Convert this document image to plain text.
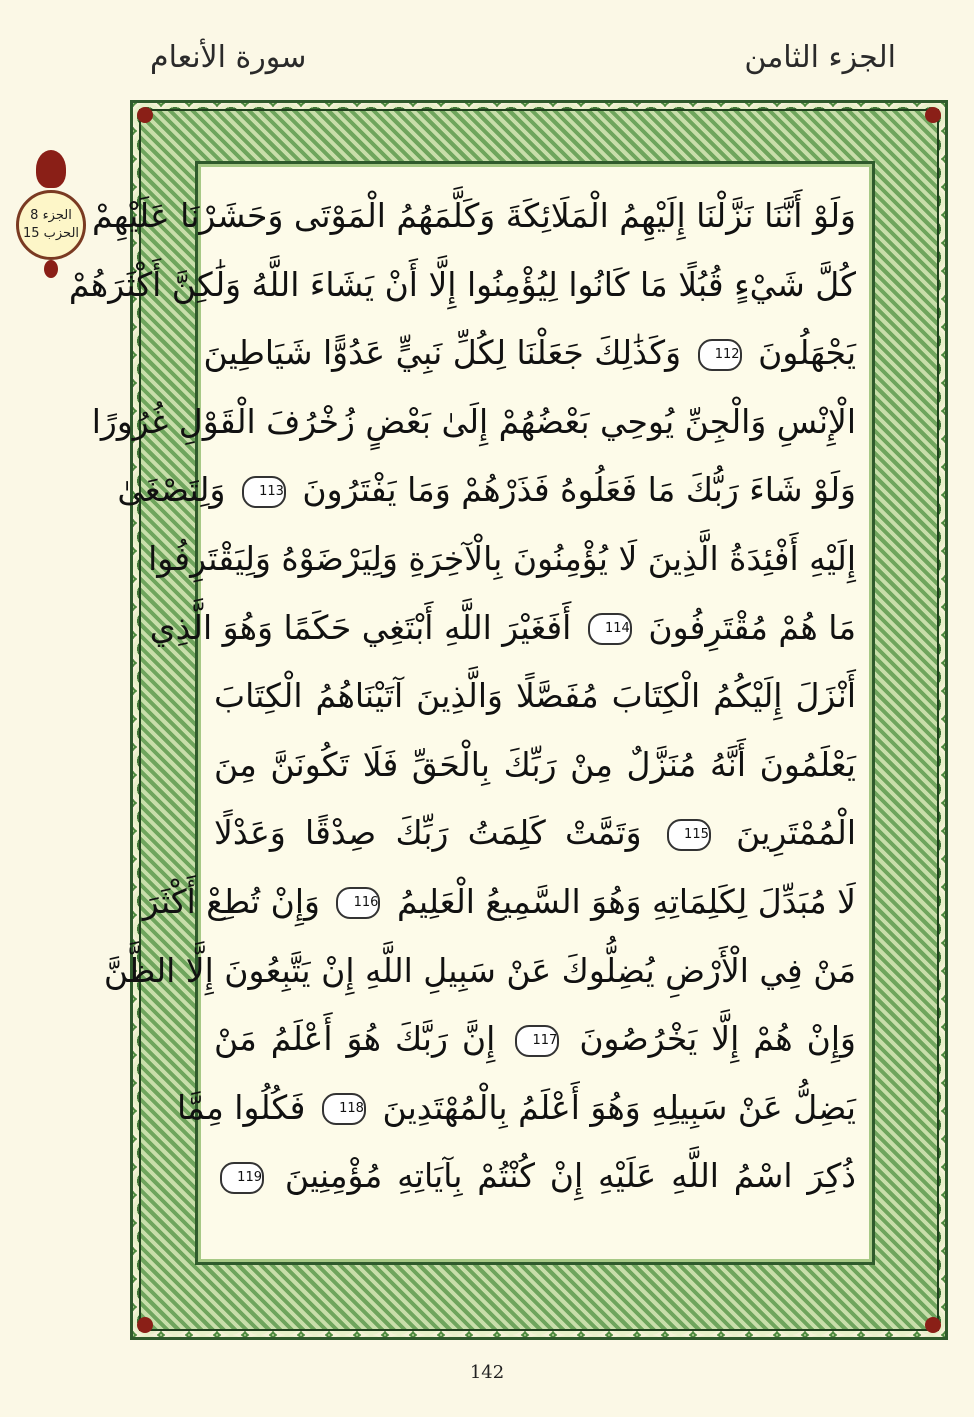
الجزء الثامن
سورة الأنعام
الجزء 8
الحزب 15 وَلَوْ أَنَّنَا نَزَّلْنَا إِلَيْهِمُ الْمَلَائِكَةَ وَكَلَّمَهُمُ الْمَوْتَى وَحَشَرْنَا عَلَيْهِمْ
كُلَّ شَيْءٍ قُبُلًا مَا كَانُوا لِيُؤْمِنُوا إِلَّا أَنْ يَشَاءَ اللَّهُ وَلَٰكِنَّ أَكْثَرَهُمْ
يَجْهَلُونَ 112 وَكَذَٰلِكَ جَعَلْنَا لِكُلِّ نَبِيٍّ عَدُوًّا شَيَاطِينَ
الْإِنْسِ وَالْجِنِّ يُوحِي بَعْضُهُمْ إِلَىٰ بَعْضٍ زُخْرُفَ الْقَوْلِ غُرُورًا
وَلَوْ شَاءَ رَبُّكَ مَا فَعَلُوهُ فَذَرْهُمْ وَمَا يَفْتَرُونَ 113 وَلِتَصْغَىٰ
إِلَيْهِ أَفْئِدَةُ الَّذِينَ لَا يُؤْمِنُونَ بِالْآخِرَةِ وَلِيَرْضَوْهُ وَلِيَقْتَرِفُوا
مَا هُمْ مُقْتَرِفُونَ 114 أَفَغَيْرَ اللَّهِ أَبْتَغِي حَكَمًا وَهُوَ الَّذِي
أَنْزَلَ إِلَيْكُمُ الْكِتَابَ مُفَصَّلًا وَالَّذِينَ آتَيْنَاهُمُ الْكِتَابَ
يَعْلَمُونَ أَنَّهُ مُنَزَّلٌ مِنْ رَبِّكَ بِالْحَقِّ فَلَا تَكُونَنَّ مِنَ
الْمُمْتَرِينَ 115 وَتَمَّتْ كَلِمَتُ رَبِّكَ صِدْقًا وَعَدْلًا
لَا مُبَدِّلَ لِكَلِمَاتِهِ وَهُوَ السَّمِيعُ الْعَلِيمُ 116 وَإِنْ تُطِعْ أَكْثَرَ
مَنْ فِي الْأَرْضِ يُضِلُّوكَ عَنْ سَبِيلِ اللَّهِ إِنْ يَتَّبِعُونَ إِلَّا الظَّنَّ
وَإِنْ هُمْ إِلَّا يَخْرُصُونَ 117 إِنَّ رَبَّكَ هُوَ أَعْلَمُ مَنْ
يَضِلُّ عَنْ سَبِيلِهِ وَهُوَ أَعْلَمُ بِالْمُهْتَدِينَ 118 فَكُلُوا مِمَّا
ذُكِرَ اسْمُ اللَّهِ عَلَيْهِ إِنْ كُنْتُمْ بِآيَاتِهِ مُؤْمِنِينَ 119
142
